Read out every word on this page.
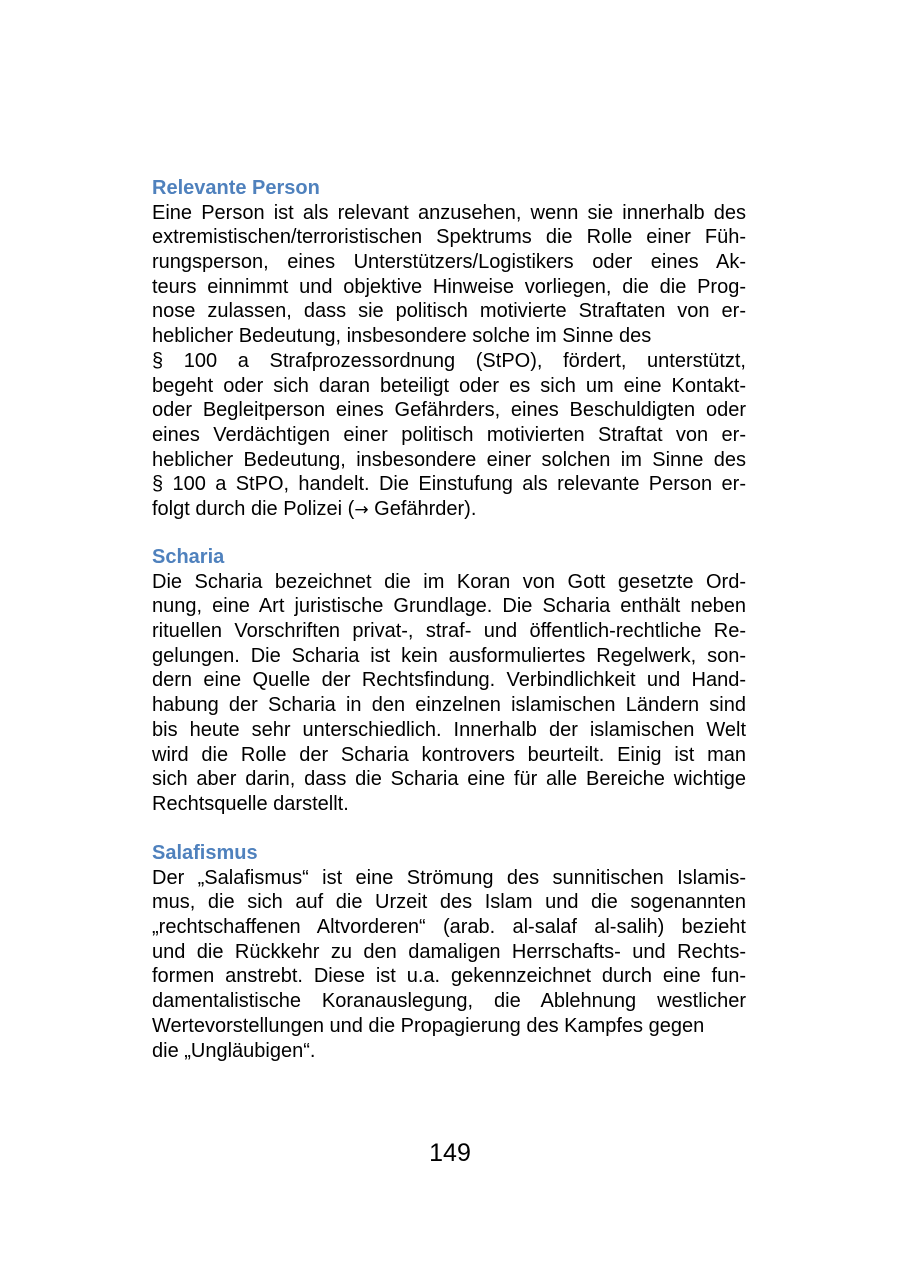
Relevante Person
Eine Person ist als relevant anzusehen, wenn sie innerhalb des
extremistischen/terroristischen Spektrums die Rolle einer Füh-
rungsperson, eines Unterstützers/Logistikers oder eines Ak-
teurs einnimmt und objektive Hinweise vorliegen, die die Prog-
nose zulassen, dass sie politisch motivierte Straftaten von er-
heblicher Bedeutung, insbesondere solche im Sinne des
§ 100 a Strafprozessordnung (StPO), fördert, unterstützt,
begeht oder sich daran beteiligt oder es sich um eine Kontakt-
oder Begleitperson eines Gefährders, eines Beschuldigten oder
eines Verdächtigen einer politisch motivierten Straftat von er-
heblicher Bedeutung, insbesondere einer solchen im Sinne des
§ 100 a StPO, handelt. Die Einstufung als relevante Person er-
folgt durch die Polizei (→ Gefährder).
Scharia
Die Scharia bezeichnet die im Koran von Gott gesetzte Ord-
nung, eine Art juristische Grundlage. Die Scharia enthält neben
rituellen Vorschriften privat-, straf- und öffentlich-rechtliche Re-
gelungen. Die Scharia ist kein ausformuliertes Regelwerk, son-
dern eine Quelle der Rechtsfindung. Verbindlichkeit und Hand-
habung der Scharia in den einzelnen islamischen Ländern sind
bis heute sehr unterschiedlich. Innerhalb der islamischen Welt
wird die Rolle der Scharia kontrovers beurteilt. Einig ist man
sich aber darin, dass die Scharia eine für alle Bereiche wichtige
Rechtsquelle darstellt.
Salafismus
Der „Salafismus“ ist eine Strömung des sunnitischen Islamis-
mus, die sich auf die Urzeit des Islam und die sogenannten
„rechtschaffenen Altvorderen“ (arab. al-salaf al-salih) bezieht
und die Rückkehr zu den damaligen Herrschafts- und Rechts-
formen anstrebt. Diese ist u.a. gekennzeichnet durch eine fun-
damentalistische Koranauslegung, die Ablehnung westlicher
Wertevorstellungen und die Propagierung des Kampfes gegen
die „Ungläubigen“.
149
